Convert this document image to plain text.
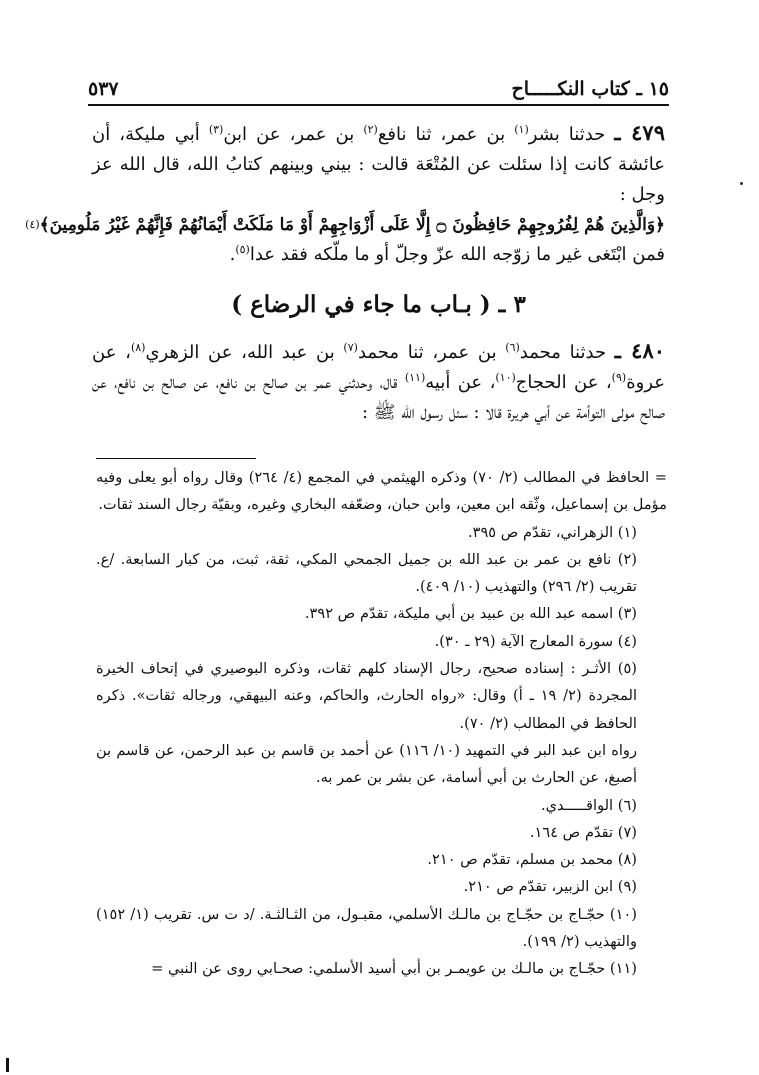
٥٣٧	١٥ ـ كتاب النكـــــاح

٤٧٩ ـ حدثنا بشر$^{(١)}$ بن عمر، ثنا نافع$^{(٢)}$ بن عمر، عن ابن$^{(٣)}$ أبي مليكة، أن عائشة كانت إذا سئلت عن المُتْعَة قالت : بيني وبينهم كتابُ الله، قال الله عز وجل :

﴿وَالَّذِينَ هُمْ لِفُرُوجِهِمْ حَافِظُونَ ۝ إِلَّا عَلَى أَزْوَاجِهِمْ أَوْ مَا مَلَكَتْ أَيْمَانُهُمْ فَإِنَّهُمْ غَيْرُ مَلُومِينَ﴾
(٤)

فمن ابْتَغى غير ما زوّجه الله عزّ وجلّ أو ما ملّكه فقد عدا$^{(٥)}$.

٣ ـ ( بـاب ما جاء في الرضاع )

٤٨٠ ـ حدثنا محمد$^{(٦)}$ بن عمر، ثنا محمد$^{(٧)}$ بن عبد الله، عن الزهري$^{(٨)}$، عن عروة$^{(٩)}$، عن الحجاج$^{(١٠)}$، عن أبيه$^{(١١)}$ قال، وحدثني عمر بن صالح بن نافع، عن صالح بن نافع، عن صالح مولى التوأمة عن أبي هريرة قالا : سئل رسول الله ﷺ :

= الحافظ في المطالب (٢/ ٧٠) وذكره الهيثمي في المجمع (٤/ ٢٦٤) وقال رواه أبو يعلى وفيه مؤمل بن إسماعيل، وثّقه ابن معين، وابن حبان، وضعّفه البخاري وغيره، وبقيّة رجال السند ثقات.

(١) الزهراني، تقدّم ص ٣٩٥.

(٢) نافع بن عمر بن عبد الله بن جميل الجمحي المكي، ثقة، ثبت، من كبار السابعة. /ع. تقريب (٢/ ٢٩٦) والتهذيب (١٠/ ٤٠٩).

(٣) اسمه عبد الله بن عبيد بن أبي مليكة، تقدّم ص ٣٩٢.

(٤) سورة المعارج الآية (٢٩ ـ ٣٠).

(٥) الأثـر : إسناده صحيح، رجال الإسناد كلهم ثقات، وذكره البوصيري في إتحاف الخيرة المجردة (٢/ ١٩ ـ أ) وقال: «رواه الحارث، والحاكم، وعنه البيهقي، ورجاله ثقات». ذكره الحافظ في المطالب (٢/ ٧٠).

رواه ابن عبد البر في التمهيد (١٠/ ١١٦) عن أحمد بن قاسم بن عبد الرحمن، عن قاسم بن أصبغ، عن الحارث بن أبي أسامة، عن بشر بن عمر به.

(٦) الواقـــــدي.

(٧) تقدّم ص ١٦٤.

(٨) محمد بن مسلم، تقدّم ص ٢١٠.

(٩) ابن الزبير، تقدّم ص ٢١٠.

(١٠) حجّـاج بن حجّـاج بن مالـك الأسلمي، مقبـول، من الثـالثـة. /د ت س. تقريب (١/ ١٥٢) والتهذيب (٢/ ١٩٩).

(١١) حجّـاج بن مالـك بن عويمـر بن أبي أسيد الأسلمي: صحـابي روى عن النبي =
